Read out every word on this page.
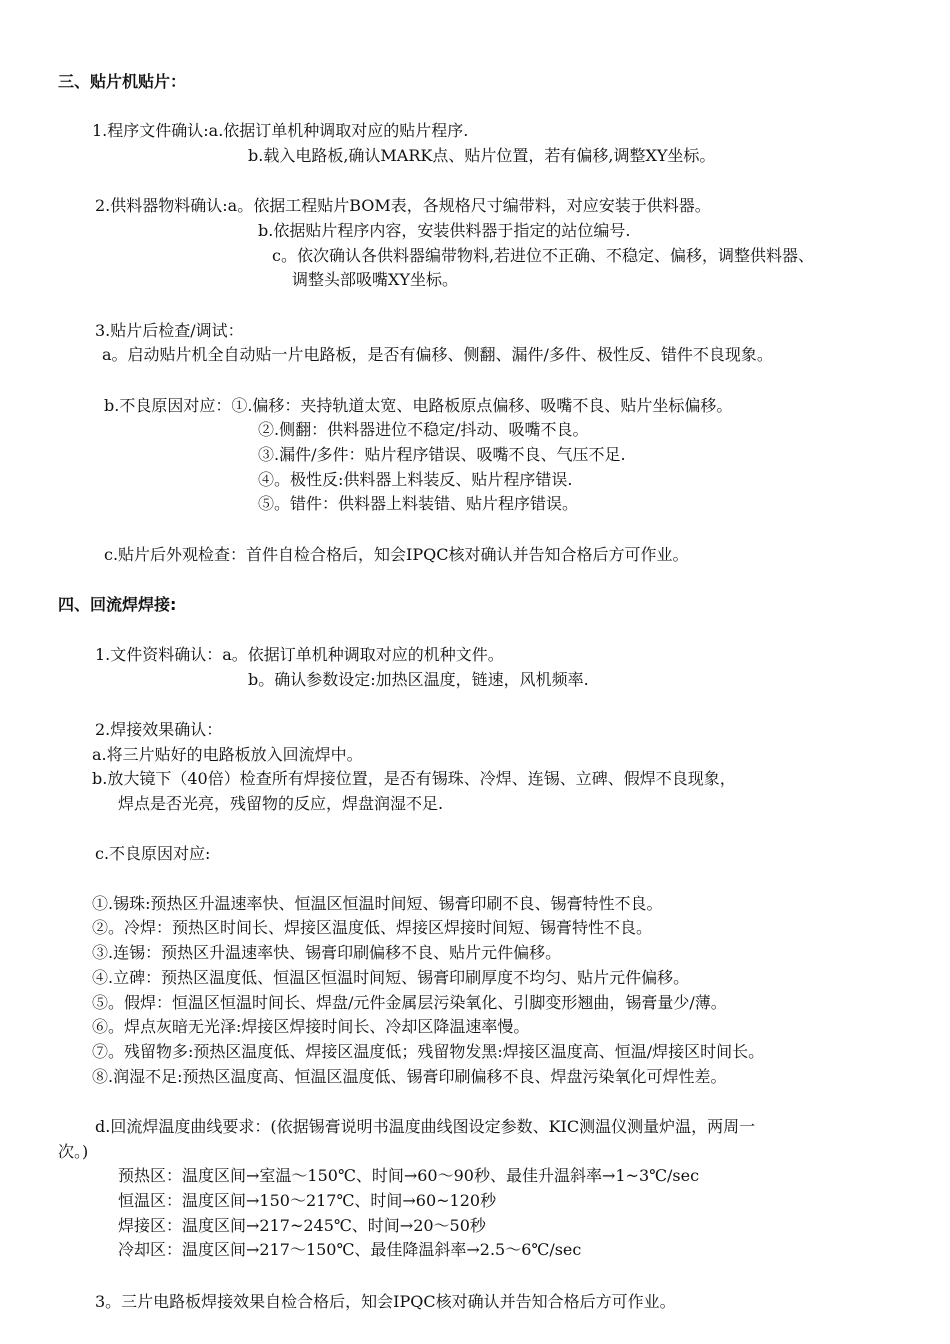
三、贴片机贴片：
1.程序文件确认:a.依据订单机种调取对应的贴片程序.
b.载入电路板,确认MARK点、贴片位置，若有偏移,调整XY坐标。
2.供料器物料确认:a。依据工程贴片BOM表，各规格尺寸编带料，对应安装于供料器。
b.依据贴片程序内容，安装供料器于指定的站位编号.
c。依次确认各供料器编带物料,若进位不正确、不稳定、偏移，调整供料器、
调整头部吸嘴XY坐标。
3.贴片后检查/调试：
a。启动贴片机全自动贴一片电路板，是否有偏移、侧翻、漏件/多件、极性反、错件不良现象。
b.不良原因对应：①.偏移：夹持轨道太宽、电路板原点偏移、吸嘴不良、贴片坐标偏移。
②.侧翻：供料器进位不稳定/抖动、吸嘴不良。
③.漏件/多件：贴片程序错误、吸嘴不良、气压不足.
④。极性反:供料器上料装反、贴片程序错误.
⑤。错件：供料器上料装错、贴片程序错误。
c.贴片后外观检查：首件自检合格后，知会IPQC核对确认并告知合格后方可作业。
四、回流焊焊接:
1.文件资料确认：a。依据订单机种调取对应的机种文件。
b。确认参数设定:加热区温度，链速，风机频率.
2.焊接效果确认：
a.将三片贴好的电路板放入回流焊中。
b.放大镜下（40倍）检查所有焊接位置，是否有锡珠、冷焊、连锡、立碑、假焊不良现象，
焊点是否光亮，残留物的反应，焊盘润湿不足.
c.不良原因对应:
①.锡珠:预热区升温速率快、恒温区恒温时间短、锡膏印刷不良、锡膏特性不良。
②。冷焊：预热区时间长、焊接区温度低、焊接区焊接时间短、锡膏特性不良。
③.连锡：预热区升温速率快、锡膏印刷偏移不良、贴片元件偏移。
④.立碑：预热区温度低、恒温区恒温时间短、锡膏印刷厚度不均匀、贴片元件偏移。
⑤。假焊：恒温区恒温时间长、焊盘/元件金属层污染氧化、引脚变形翘曲，锡膏量少/薄。
⑥。焊点灰暗无光泽:焊接区焊接时间长、冷却区降温速率慢。
⑦。残留物多:预热区温度低、焊接区温度低；残留物发黑:焊接区温度高、恒温/焊接区时间长。
⑧.润湿不足:预热区温度高、恒温区温度低、锡膏印刷偏移不良、焊盘污染氧化可焊性差。
d.回流焊温度曲线要求：(依据锡膏说明书温度曲线图设定参数、KIC测温仪测量炉温，两周一
次。)
预热区：温度区间→室温～150℃、时间→60～90秒、最佳升温斜率→1~3℃/sec
恒温区：温度区间→150～217℃、时间→60~120秒
焊接区：温度区间→217~245℃、时间→20～50秒
冷却区：温度区间→217～150℃、最佳降温斜率→2.5～6℃/sec
3。三片电路板焊接效果自检合格后，知会IPQC核对确认并告知合格后方可作业。
